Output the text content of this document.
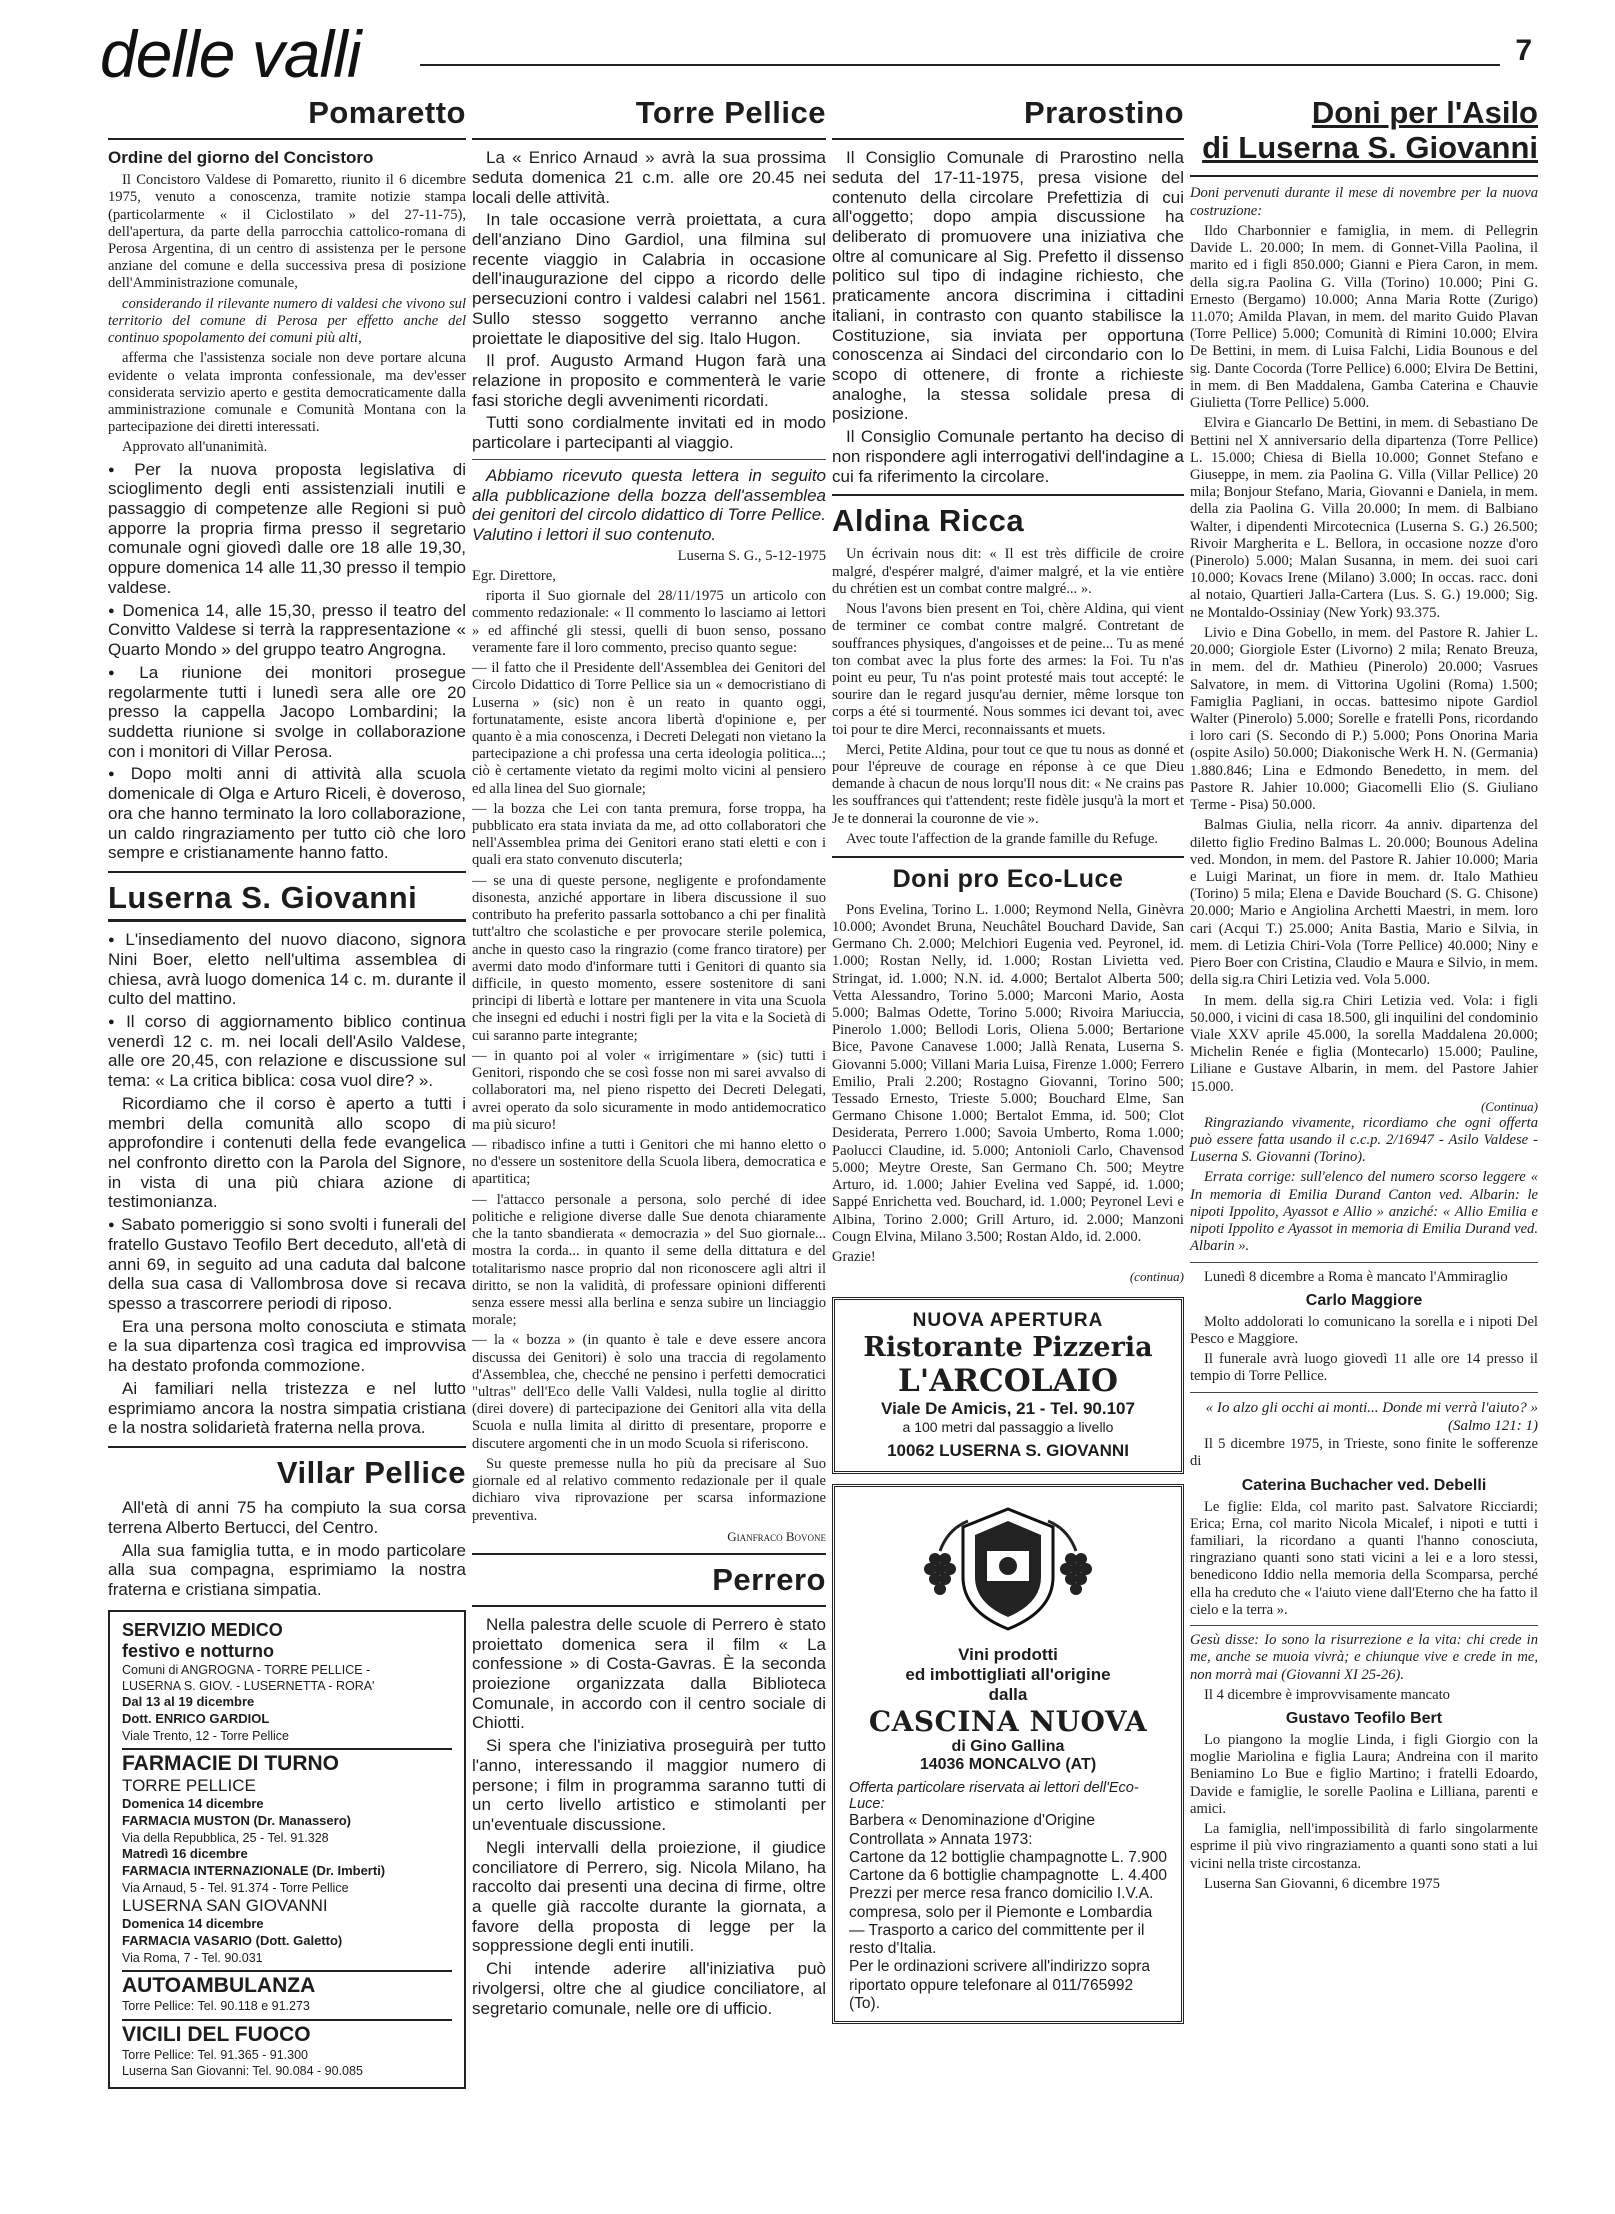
delle valli	7
Pomaretto
Ordine del giorno del Concistoro

Il Concistoro Valdese di Pomaretto, riunito il 6 dicembre 1975, venuto a conoscenza, tramite notizie stampa (particolarmente « il Ciclostilato » del 27-11-75), dell'apertura, da parte della parrocchia cattolico-romana di Perosa Argentina, di un centro di assistenza per le persone anziane del comune e della successiva presa di posizione dell'Amministrazione comunale,

considerando il rilevante numero di valdesi che vivono sul territorio del comune di Perosa per effetto anche del continuo spopolamento dei comuni più alti,

afferma che l'assistenza sociale non deve portare alcuna evidente o velata impronta confessionale, ma dev'esser considerata servizio aperto e gestita democraticamente dalla amministrazione comunale e Comunità Montana con la partecipazione dei diretti interessati.

Approvato all'unanimità.

● Per la nuova proposta legislativa di scioglimento degli enti assistenziali inutili e passaggio di competenze alle Regioni si può apporre la propria firma presso il segretario comunale ogni giovedì dalle ore 18 alle 19,30, oppure domenica 14 alle 11,30 presso il tempio valdese.

● Domenica 14, alle 15,30, presso il teatro del Convitto Valdese si terrà la rappresentazione « Quarto Mondo » del gruppo teatro Angrogna.

● La riunione dei monitori prosegue regolarmente tutti i lunedì sera alle ore 20 presso la cappella Jacopo Lombardini; la suddetta riunione si svolge in collaborazione con i monitori di Villar Perosa.

● Dopo molti anni di attività alla scuola domenicale di Olga e Arturo Riceli, è doveroso, ora che hanno terminato la loro collaborazione, un caldo ringraziamento per tutto ciò che loro sempre e cristianamente hanno fatto.

Luserna S. Giovanni

● L'insediamento del nuovo diacono, signora Nini Boer, eletto nell'ultima assemblea di chiesa, avrà luogo domenica 14 c. m. durante il culto del mattino.

● Il corso di aggiornamento biblico continua venerdì 12 c. m. nei locali dell'Asilo Valdese, alle ore 20,45, con relazione e discussione sul tema: « La critica biblica: cosa vuol dire? ».

Ricordiamo che il corso è aperto a tutti i membri della comunità allo scopo di approfondire i contenuti della fede evangelica nel confronto diretto con la Parola del Signore, in vista di una più chiara azione di testimonianza.

● Sabato pomeriggio si sono svolti i funerali del fratello Gustavo Teofilo Bert deceduto, all'età di anni 69, in seguito ad una caduta dal balcone della sua casa di Vallombrosa dove si recava spesso a trascorrere periodi di riposo.

Era una persona molto conosciuta e stimata e la sua dipartenza così tragica ed improvvisa ha destato profonda commozione.

Ai familiari nella tristezza e nel lutto esprimiamo ancora la nostra simpatia cristiana e la nostra solidarietà fraterna nella prova.

Villar Pellice

All'età di anni 75 ha compiuto la sua corsa terrena Alberto Bertucci, del Centro.

Alla sua famiglia tutta, e in modo particolare alla sua compagna, esprimiamo la nostra fraterna e cristiana simpatia.

SERVIZIO MEDICO
festivo e notturno
Comuni di ANGROGNA - TORRE PELLICE -
LUSERNA S. GIOV. - LUSERNETTA - RORA'
Dal 13 al 19 dicembre
Dott. ENRICO GARDIOL
Viale Trento, 12 - Torre Pellice
FARMACIE DI TURNO
TORRE PELLICE
Domenica 14 dicembre
FARMACIA MUSTON (Dr. Manassero)
Via della Repubblica, 25 - Tel. 91.328
Matredì 16 dicembre
FARMACIA INTERNAZIONALE (Dr. Imberti)
Via Arnaud, 5 - Tel. 91.374 - Torre Pellice
LUSERNA SAN GIOVANNI
Domenica 14 dicembre
FARMACIA VASARIO (Dott. Galetto)
Via Roma, 7 - Tel. 90.031
AUTOAMBULANZA
Torre Pellice: Tel. 90.118 e 91.273
VICILI DEL FUOCO
Torre Pellice: Tel. 91.365 - 91.300
Luserna San Giovanni: Tel. 90.084 - 90.085
Torre Pellice

La « Enrico Arnaud » avrà la sua prossima seduta domenica 21 c.m. alle ore 20.45 nei locali delle attività.

In tale occasione verrà proiettata, a cura dell'anziano Dino Gardiol, una filmina sul recente viaggio in Calabria in occasione dell'inaugurazione del cippo a ricordo delle persecuzioni contro i valdesi calabri nel 1561. Sullo stesso soggetto verranno anche proiettate le diapositive del sig. Italo Hugon.

Il prof. Augusto Armand Hugon farà una relazione in proposito e commenterà le varie fasi storiche degli avvenimenti ricordati.

Tutti sono cordialmente invitati ed in modo particolare i partecipanti al viaggio.

Abbiamo ricevuto questa lettera in seguito alla pubblicazione della bozza dell'assemblea dei genitori del circolo didattico di Torre Pellice. Valutino i lettori il suo contenuto.

Luserna S. G., 5-12-1975

Egr. Direttore,

riporta il Suo giornale del 28/11/1975 un articolo con commento redazionale: « Il commento lo lasciamo ai lettori » ed affinché gli stessi, quelli di buon senso, possano veramente fare il loro commento, preciso quanto segue:

— il fatto che il Presidente dell'Assemblea dei Genitori del Circolo Didattico di Torre Pellice sia un « democristiano di Luserna » (sic) non è un reato in quanto oggi, fortunatamente, esiste ancora libertà d'opinione e, per quanto è a mia conoscenza, i Decreti Delegati non vietano la partecipazione a chi professa una certa ideologia politica...; ciò è certamente vietato da regimi molto vicini al pensiero ed alla linea del Suo giornale;

— la bozza che Lei con tanta premura, forse troppa, ha pubblicato era stata inviata da me, ad otto collaboratori che nell'Assemblea prima dei Genitori erano stati eletti e con i quali era stato convenuto discuterla;

— se una di queste persone, negligente e profondamente disonesta, anziché apportare in libera discussione il suo contributo ha preferito passarla sottobanco a chi per finalità tutt'altro che scolastiche e per provocare sterile polemica, anche in questo caso la ringrazio (come franco tiratore) per avermi dato modo d'informare tutti i Genitori di quanto sia difficile, in questo momento, essere sostenitore di sani principi di libertà e lottare per mantenere in vita una Scuola che insegni ed educhi i nostri figli per la vita e la Società di cui saranno parte integrante;

— in quanto poi al voler « irrigimentare » (sic) tutti i Genitori, rispondo che se così fosse non mi sarei avvalso di collaboratori ma, nel pieno rispetto dei Decreti Delegati, avrei operato da solo sicuramente in modo antidemocratico ma più sicuro!

— ribadisco infine a tutti i Genitori che mi hanno eletto o no d'essere un sostenitore della Scuola libera, democratica e apartitica;

— l'attacco personale a persona, solo perché di idee politiche e religione diverse dalle Sue denota chiaramente che la tanto sbandierata « democrazia » del Suo giornale... mostra la corda... in quanto il seme della dittatura e del totalitarismo nasce proprio dal non riconoscere agli altri il diritto, se non la validità, di professare opinioni differenti senza essere messi alla berlina e senza subire un linciaggio morale;

— la « bozza » (in quanto è tale e deve essere ancora discussa dei Genitori) è solo una traccia di regolamento d'Assemblea, che, checché ne pensino i perfetti democratici "ultras" dell'Eco delle Valli Valdesi, nulla toglie al diritto (direi dovere) di partecipazione dei Genitori alla vita della Scuola e nulla limita al diritto di presentare, proporre e discutere argomenti che in un modo Scuola si riferiscono.

Su queste premesse nulla ho più da precisare al Suo giornale ed al relativo commento redazionale per il quale dichiaro viva riprovazione per scarsa informazione preventiva.

Gianfraco Bovone
Perrero

Nella palestra delle scuole di Perrero è stato proiettato domenica sera il film « La confessione » di Costa-Gavras. È la seconda proiezione organizzata dalla Biblioteca Comunale, in accordo con il centro sociale di Chiotti.

Si spera che l'iniziativa proseguirà per tutto l'anno, interessando il maggior numero di persone; i film in programma saranno tutti di un certo livello artistico e stimolanti per un'eventuale discussione.

Negli intervalli della proiezione, il giudice conciliatore di Perrero, sig. Nicola Milano, ha raccolto dai presenti una decina di firme, oltre a quelle già raccolte durante la giornata, a favore della proposta di legge per la soppressione degli enti inutili.

Chi intende aderire all'iniziativa può rivolgersi, oltre che al giudice conciliatore, al segretario comunale, nelle ore di ufficio.

Prarostino

Il Consiglio Comunale di Prarostino nella seduta del 17-11-1975, presa visione del contenuto della circolare Prefettizia di cui all'oggetto; dopo ampia discussione ha deliberato di promuovere una iniziativa che oltre al comunicare al Sig. Prefetto il dissenso politico sul tipo di indagine richiesto, che praticamente ancora discrimina i cittadini italiani, in contrasto con quanto stabilisce la Costituzione, sia inviata per opportuna conoscenza ai Sindaci del circondario con lo scopo di ottenere, di fronte a richieste analoghe, la stessa solidale presa di posizione.

Il Consiglio Comunale pertanto ha deciso di non rispondere agli interrogativi dell'indagine a cui fa riferimento la circolare.

Aldina Ricca

Un écrivain nous dit: « Il est très difficile de croire malgré, d'espérer malgré, d'aimer malgré, et la vie entière du chrétien est un combat contre malgré... ».

Nous l'avons bien present en Toi, chère Aldina, qui vient de terminer ce combat contre malgré. Contretant de souffrances physiques, d'angoisses et de peine... Tu as mené ton combat avec la plus forte des armes: la Foi. Tu n'as point eu peur, Tu n'as point protesté mais tout accepté: le sourire dan le regard jusqu'au dernier, même lorsque ton corps a été si tourmenté. Nous sommes ici devant toi, avec toi pour te dire Merci, reconnaissants et muets.

Merci, Petite Aldina, pour tout ce que tu nous as donné et pour l'épreuve de courage en réponse à ce que Dieu demande à chacun de nous lorqu'Il nous dit: « Ne crains pas les souffrances qui t'attendent; reste fidèle jusqu'à la mort et Je te donnerai la couronne de vie ».

Avec toute l'affection de la grande famille du Refuge.

Doni pro Eco-Luce

Pons Evelina, Torino L. 1.000; Reymond Nella, Ginèvra 10.000; Avondet Bruna, Neuchâtel Bouchard Davide, San Germano Ch. 2.000; Melchiori Eugenia ved. Peyronel, id. 1.000; Rostan Nelly, id. 1.000; Rostan Livietta ved. Stringat, id. 1.000; N.N. id. 4.000; Bertalot Alberta 500; Vetta Alessandro, Torino 5.000; Marconi Mario, Aosta 5.000; Balmas Odette, Torino 5.000; Rivoira Mariuccia, Pinerolo 1.000; Bellodi Loris, Oliena 5.000; Bertarione Bice, Pavone Canavese 1.000; Jallà Renata, Luserna S. Giovanni 5.000; Villani Maria Luisa, Firenze 1.000; Ferrero Emilio, Prali 2.200; Rostagno Giovanni, Torino 500; Tessado Ernesto, Trieste 5.000; Bouchard Elme, San Germano Chisone 1.000; Bertalot Emma, id. 500; Clot Desiderata, Perrero 1.000; Savoia Umberto, Roma 1.000; Paolucci Claudine, id. 5.000; Antonioli Carlo, Chavensod 5.000; Meytre Oreste, San Germano Ch. 500; Meytre Arturo, id. 1.000; Jahier Evelina ved Sappé, id. 1.000; Sappé Enrichetta ved. Bouchard, id. 1.000; Peyronel Levi e Albina, Torino 2.000; Grill Arturo, id. 2.000; Manzoni Cougn Elvina, Milano 3.500; Rostan Aldo, id. 2.000.

Grazie!

(continua)
NUOVA APERTURA
Ristorante Pizzeria
L'ARCOLAIO
Viale De Amicis, 21 - Tel. 90.107
a 100 metri dal passaggio a livello
10062 LUSERNA S. GIOVANNI
Vini prodotti
ed imbottigliati all'origine
dalla
CASCINA NUOVA
di Gino Gallina
14036 MONCALVO (AT)
Offerta particolare riservata ai lettori dell'Eco-Luce:
Barbera « Denominazione d'Origine Controllata » Annata 1973:
Cartone da 12 bottiglie champagnotte L. 7.900
Cartone da 6 bottiglie champagnotte L. 4.400
Prezzi per merce resa franco domicilio I.V.A. compresa, solo per il Piemonte e Lombardia — Trasporto a carico del committente per il resto d'Italia.
Per le ordinazioni scrivere all'indirizzo sopra riportato oppure telefonare al 011/765992 (To).
Doni per l'Asilo
di Luserna S. Giovanni

Doni pervenuti durante il mese di novembre per la nuova costruzione:

Ildo Charbonnier e famiglia, in mem. di Pellegrin Davide L. 20.000; In mem. di Gonnet-Villa Paolina, il marito ed i figli 850.000; Gianni e Piera Caron, in mem. della sig.ra Paolina G. Villa (Torino) 10.000; Pini G. Ernesto (Bergamo) 10.000; Anna Maria Rotte (Zurigo) 11.070; Amilda Plavan, in mem. del marito Guido Plavan (Torre Pellice) 5.000; Comunità di Rimini 10.000; Elvira De Bettini, in mem. di Luisa Falchi, Lidia Bounous e del sig. Dante Cocorda (Torre Pellice) 6.000; Elvira De Bettini, in mem. di Ben Maddalena, Gamba Caterina e Chauvie Giulietta (Torre Pellice) 5.000.

Elvira e Giancarlo De Bettini, in mem. di Sebastiano De Bettini nel X anniversario della dipartenza (Torre Pellice) L. 15.000; Chiesa di Biella 10.000; Gonnet Stefano e Giuseppe, in mem. zia Paolina G. Villa (Villar Pellice) 20 mila; Bonjour Stefano, Maria, Giovanni e Daniela, in mem. della zia Paolina G. Villa 20.000; In mem. di Balbiano Walter, i dipendenti Mircotecnica (Luserna S. G.) 26.500; Rivoir Margherita e L. Bellora, in occasione nozze d'oro (Pinerolo) 5.000; Malan Susanna, in mem. dei suoi cari 10.000; Kovacs Irene (Milano) 3.000; In occas. racc. doni al notaio, Quartieri Jalla-Cartera (Lus. S. G.) 19.000; Sig. ne Montaldo-Ossiniay (New York) 93.375.

Livio e Dina Gobello, in mem. del Pastore R. Jahier L. 20.000; Giorgiole Ester (Livorno) 2 mila; Renato Breuza, in mem. del dr. Mathieu (Pinerolo) 20.000; Vasrues Salvatore, in mem. di Vittorina Ugolini (Roma) 1.500; Famiglia Pagliani, in occas. battesimo nipote Gardiol Walter (Pinerolo) 5.000; Sorelle e fratelli Pons, ricordando i loro cari (S. Secondo di P.) 5.000; Pons Onorina Maria (ospite Asilo) 50.000; Diakonische Werk H. N. (Germania) 1.880.846; Lina e Edmondo Benedetto, in mem. del Pastore R. Jahier 10.000; Giacomelli Elio (S. Giuliano Terme - Pisa) 50.000.

Balmas Giulia, nella ricorr. 4a anniv. dipartenza del diletto figlio Fredino Balmas L. 20.000; Bounous Adelina ved. Mondon, in mem. del Pastore R. Jahier 10.000; Maria e Luigi Marinat, un fiore in mem. dr. Italo Mathieu (Torino) 5 mila; Elena e Davide Bouchard (S. G. Chisone) 20.000; Mario e Angiolina Archetti Maestri, in mem. loro cari (Acqui T.) 25.000; Anita Bastia, Mario e Silvia, in mem. di Letizia Chiri-Vola (Torre Pellice) 40.000; Niny e Piero Boer con Cristina, Claudio e Maura e Silvio, in mem. della sig.ra Chiri Letizia ved. Vola 5.000.

In mem. della sig.ra Chiri Letizia ved. Vola: i figli 50.000, i vicini di casa 18.500, gli inquilini del condominio Viale XXV aprile 45.000, la sorella Maddalena 20.000; Michelin Renée e figlia (Montecarlo) 15.000; Pauline, Liliane e Gustave Albarin, in mem. del Pastore Jahier 15.000.

(Continua)

Ringraziando vivamente, ricordiamo che ogni offerta può essere fatta usando il c.c.p. 2/16947 - Asilo Valdese - Luserna S. Giovanni (Torino).

Errata corrige: sull'elenco del numero scorso leggere « In memoria di Emilia Durand Canton ved. Albarin: le nipoti Ippolito, Ayassot e Allio » anziché: « Allio Emilia e nipoti Ippolito e Ayassot in memoria di Emilia Durand ved. Albarin ».

Lunedì 8 dicembre a Roma è mancato l'Ammiraglio

Carlo Maggiore

Molto addolorati lo comunicano la sorella e i nipoti Del Pesco e Maggiore.

Il funerale avrà luogo giovedì 11 alle ore 14 presso il tempio di Torre Pellice.

« Io alzo gli occhi ai monti... Donde mi verrà l'aiuto? »
(Salmo 121: 1)

Il 5 dicembre 1975, in Trieste, sono finite le sofferenze di

Caterina Buchacher ved. Debelli

Le figlie: Elda, col marito past. Salvatore Ricciardi; Erica; Erna, col marito Nicola Micalef, i nipoti e tutti i familiari, la ricordano a quanti l'hanno conosciuta, ringraziano quanti sono stati vicini a lei e a loro stessi, benedicono Iddio nella memoria della Scomparsa, perché ella ha creduto che « l'aiuto viene dall'Eterno che ha fatto il cielo e la terra ».

Gesù disse: Io sono la risurrezione e la vita: chi crede in me, anche se muoia vivrà; e chiunque vive e crede in me, non morrà mai (Giovanni XI 25-26).

Il 4 dicembre è improvvisamente mancato

Gustavo Teofilo Bert

Lo piangono la moglie Linda, i figli Giorgio con la moglie Mariolina e figlia Laura; Andreina con il marito Beniamino Lo Bue e figlio Martino; i fratelli Edoardo, Davide e famiglie, le sorelle Paolina e Lilliana, parenti e amici.

La famiglia, nell'impossibilità di farlo singolarmente esprime il più vivo ringraziamento a quanti sono stati a lui vicini nella triste circostanza.

Luserna San Giovanni, 6 dicembre 1975
